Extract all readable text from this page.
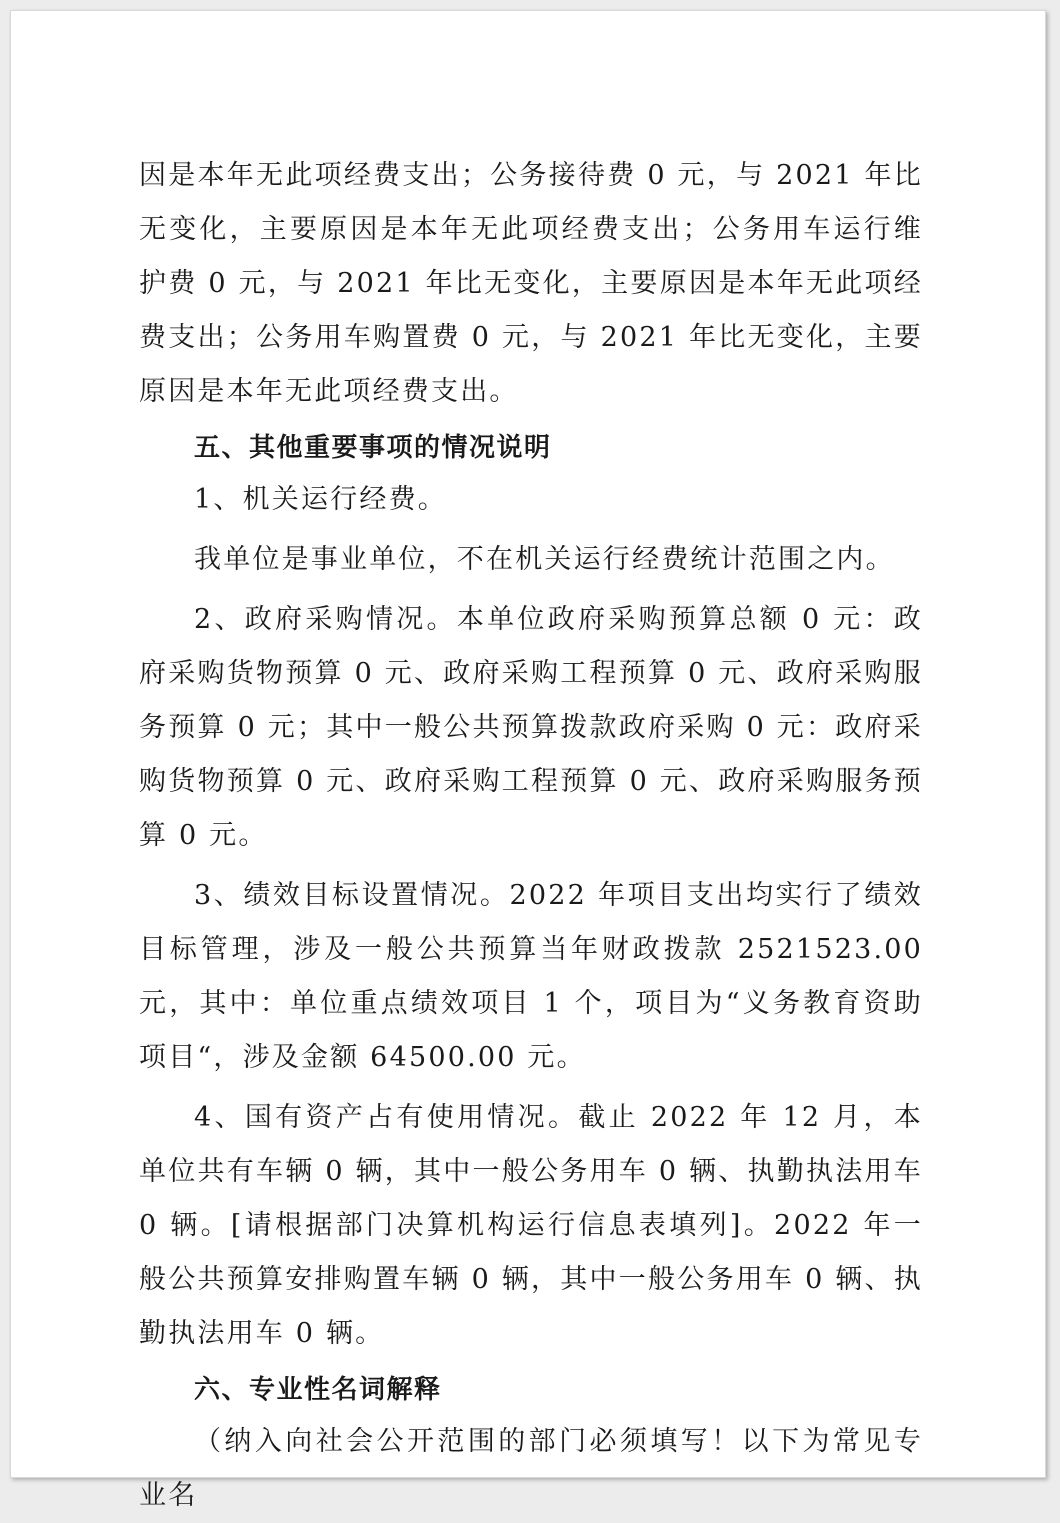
因是本年无此项经费支出；公务接待费 0 元，与 2021 年比无变化，主要原因是本年无此项经费支出；公务用车运行维护费 0 元，与 2021 年比无变化，主要原因是本年无此项经费支出；公务用车购置费 0 元，与 2021 年比无变化，主要原因是本年无此项经费支出。

五、其他重要事项的情况说明

1、机关运行经费。

我单位是事业单位，不在机关运行经费统计范围之内。

2、政府采购情况。本单位政府采购预算总额 0 元：政府采购货物预算 0 元、政府采购工程预算 0 元、政府采购服务预算 0 元；其中一般公共预算拨款政府采购 0 元：政府采购货物预算 0 元、政府采购工程预算 0 元、政府采购服务预算 0 元。

3、绩效目标设置情况。2022 年项目支出均实行了绩效目标管理，涉及一般公共预算当年财政拨款 2521523.00 元，其中：单位重点绩效项目 1 个，项目为“义务教育资助项目“，涉及金额 64500.00 元。

4、国有资产占有使用情况。截止 2022 年 12 月，本单位共有车辆 0 辆，其中一般公务用车 0 辆、执勤执法用车 0 辆。[请根据部门决算机构运行信息表填列]。2022 年一般公共预算安排购置车辆 0 辆，其中一般公务用车 0 辆、执勤执法用车 0 辆。

六、专业性名词解释

（纳入向社会公开范围的部门必须填写！以下为常见专业名
